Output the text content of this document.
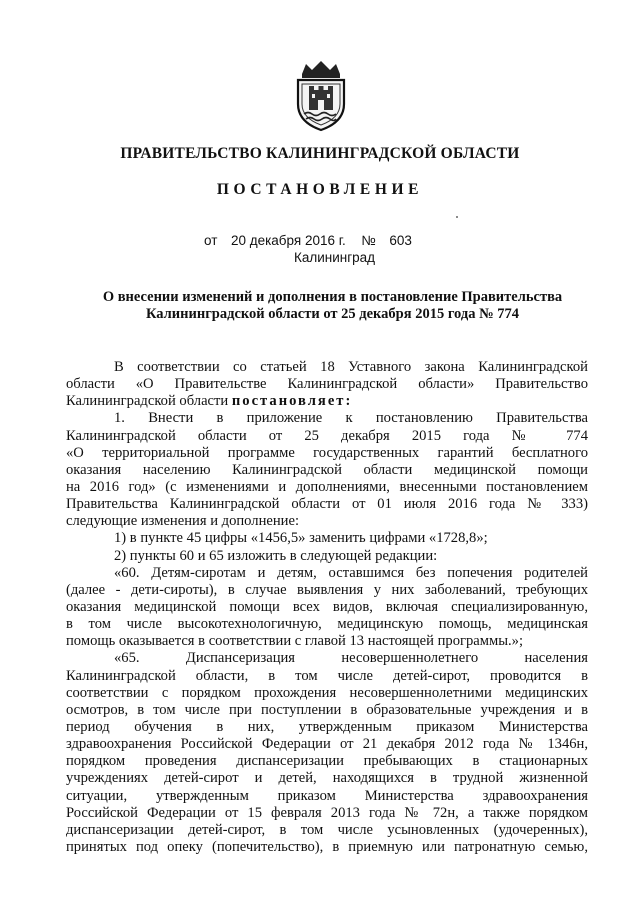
ПРАВИТЕЛЬСТВО КАЛИНИНГРАДСКОЙ ОБЛАСТИ
ПОСТАНОВЛЕНИЕ
от 20 декабря 2016 г. № 603
Калининград
О внесении изменений и дополнения в постановление Правительства
Калининградской области от 25 декабря 2015 года № 774
В соответствии со статьей 18 Уставного закона Калининградской
области «О Правительстве Калининградской области» Правительство
Калининградской области постановляет:
1. Внести в приложение к постановлению Правительства
Калининградской области от 25 декабря 2015 года № 774
«О территориальной программе государственных гарантий бесплатного
оказания населению Калининградской области медицинской помощи
на 2016 год» (с изменениями и дополнениями, внесенными постановлением
Правительства Калининградской области от 01 июля 2016 года № 333)
следующие изменения и дополнение:
1) в пункте 45 цифры «1456,5» заменить цифрами «1728,8»;
2) пункты 60 и 65 изложить в следующей редакции:
«60. Детям-сиротам и детям, оставшимся без попечения родителей
(далее - дети-сироты), в случае выявления у них заболеваний, требующих
оказания медицинской помощи всех видов, включая специализированную,
в том числе высокотехнологичную, медицинскую помощь, медицинская
помощь оказывается в соответствии с главой 13 настоящей программы.»;
«65. Диспансеризация несовершеннолетнего населения
Калининградской области, в том числе детей-сирот, проводится в
соответствии с порядком прохождения несовершеннолетними медицинских
осмотров, в том числе при поступлении в образовательные учреждения и в
период обучения в них, утвержденным приказом Министерства
здравоохранения Российской Федерации от 21 декабря 2012 года № 1346н,
порядком проведения диспансеризации пребывающих в стационарных
учреждениях детей-сирот и детей, находящихся в трудной жизненной
ситуации, утвержденным приказом Министерства здравоохранения
Российской Федерации от 15 февраля 2013 года № 72н, а также порядком
диспансеризации детей-сирот, в том числе усыновленных (удочеренных),
принятых под опеку (попечительство), в приемную или патронатную семью,
